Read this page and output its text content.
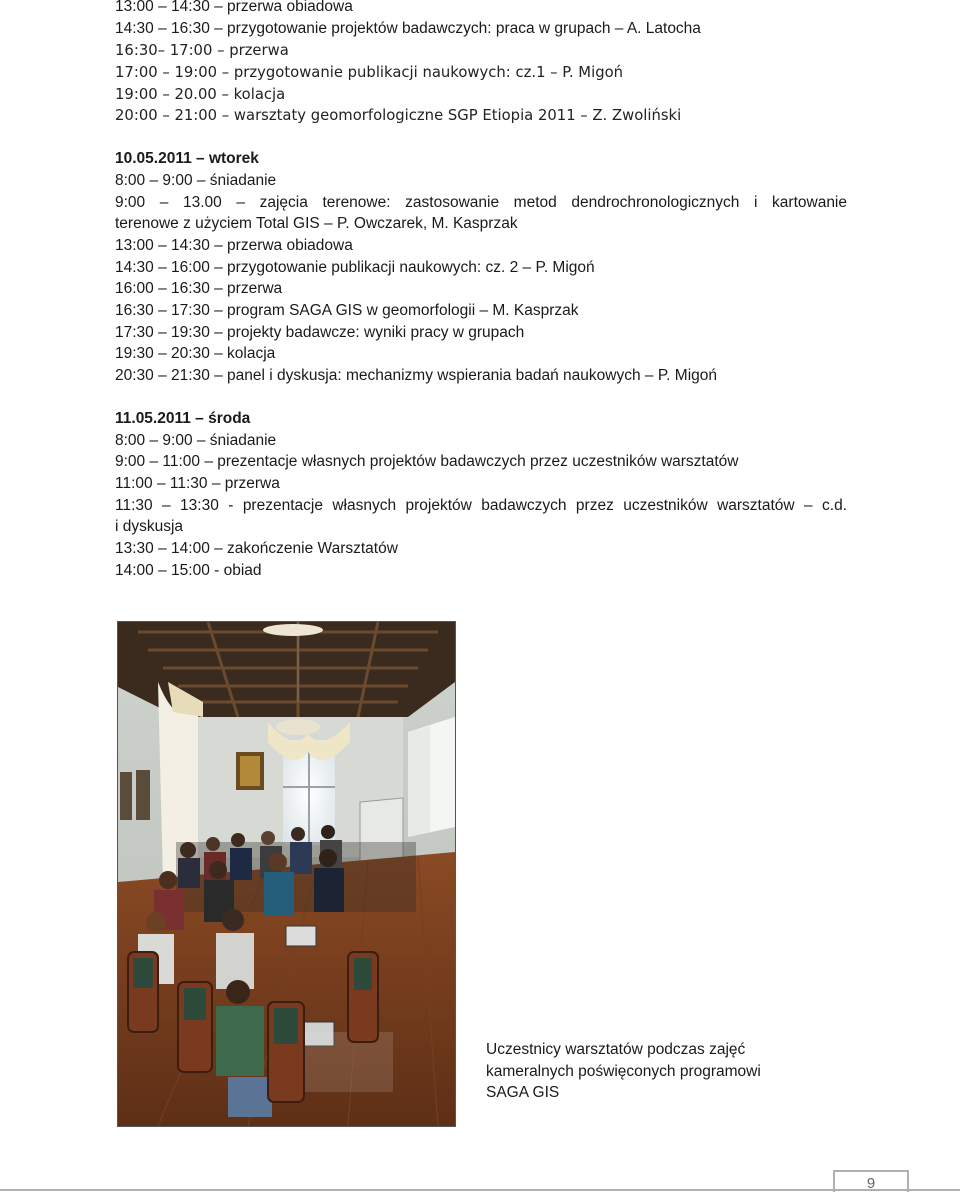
13:00 – 14:30 – przerwa obiadowa
14:30 – 16:30 – przygotowanie projektów badawczych: praca w grupach – A. Latocha
16:30– 17:00 – przerwa
17:00 – 19:00 – przygotowanie publikacji naukowych: cz.1 – P. Migoń
19:00 – 20.00 – kolacja
20:00 – 21:00 – warsztaty geomorfologiczne SGP Etiopia 2011 – Z. Zwoliński
10.05.2011 – wtorek
8:00 – 9:00 – śniadanie
9:00 – 13.00 – zajęcia terenowe: zastosowanie metod dendrochronologicznych i kartowanie
terenowe z użyciem Total GIS – P. Owczarek, M. Kasprzak
13:00 – 14:30 – przerwa obiadowa
14:30 – 16:00 – przygotowanie publikacji naukowych: cz. 2 – P. Migoń
16:00 – 16:30 – przerwa
16:30 – 17:30 – program SAGA GIS w geomorfologii – M. Kasprzak
17:30 – 19:30 – projekty badawcze: wyniki pracy w grupach
19:30 – 20:30 – kolacja
20:30 – 21:30 – panel i dyskusja: mechanizmy wspierania badań naukowych – P. Migoń
11.05.2011 – środa
8:00 – 9:00 – śniadanie
9:00 – 11:00 – prezentacje własnych projektów badawczych przez uczestników warsztatów
11:00 – 11:30 – przerwa
11:30 – 13:30 - prezentacje własnych projektów badawczych przez uczestników warsztatów – c.d.
i dyskusja
13:30 – 14:00 – zakończenie Warsztatów
14:00 – 15:00 - obiad
Uczestnicy warsztatów podczas zajęć
kameralnych poświęconych programowi
SAGA GIS
9
